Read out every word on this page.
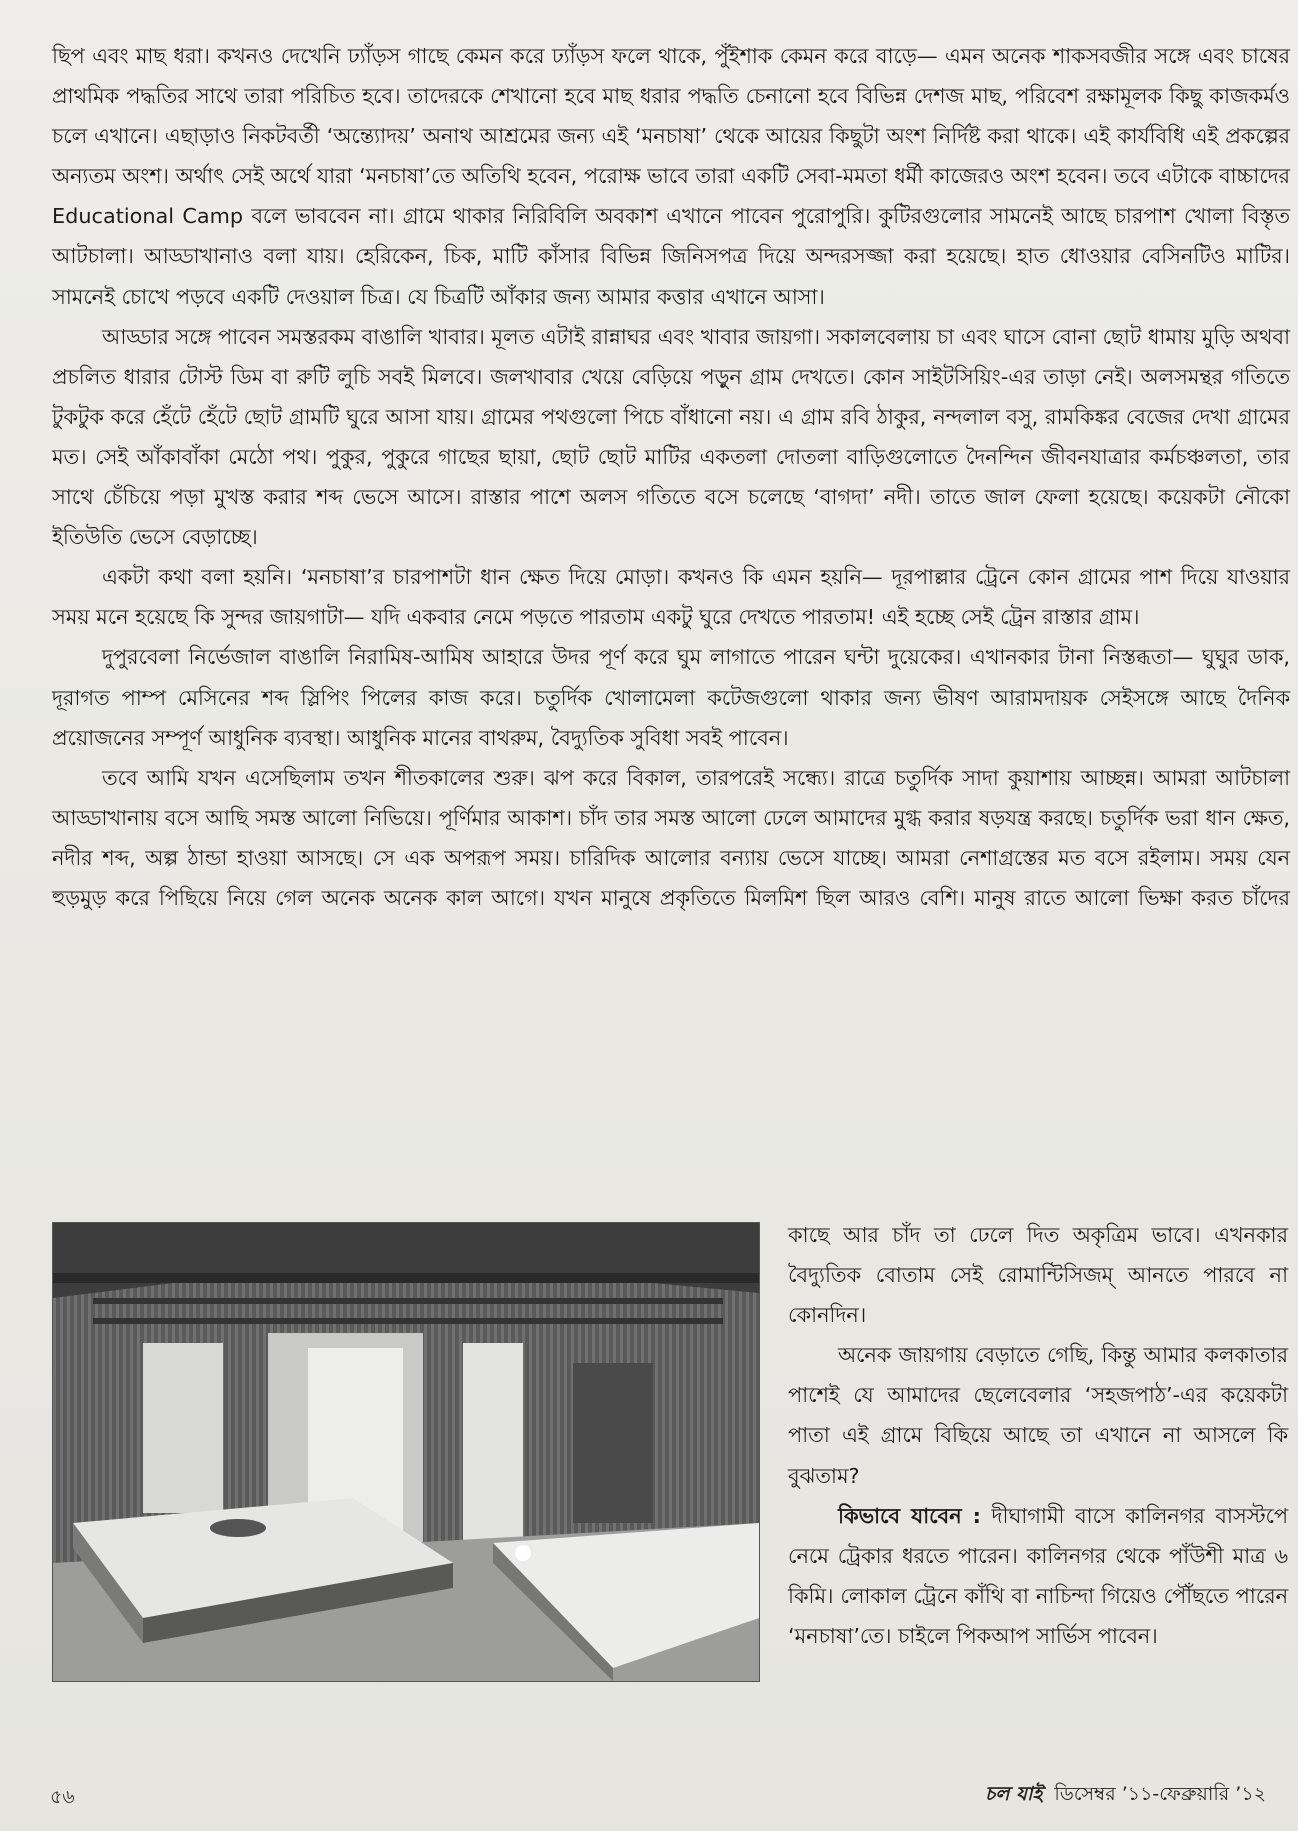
ছিপ এবং মাছ ধরা। কখনও দেখেনি ঢ্যাঁড়স গাছে কেমন করে ঢ্যাঁড়স ফলে থাকে, পুঁইশাক কেমন করে বাড়ে— এমন অনেক শাকসবজীর সঙ্গে এবং চাষের প্রাথমিক পদ্ধতির সাথে তারা পরিচিত হবে। তাদেরকে শেখানো হবে মাছ ধরার পদ্ধতি চেনানো হবে বিভিন্ন দেশজ মাছ, পরিবেশ রক্ষামূলক কিছু কাজকর্মও চলে এখানে। এছাড়াও নিকটবর্তী ‘অন্ত্যোদয়’ অনাথ আশ্রমের জন্য এই ‘মনচাষা’ থেকে আয়ের কিছুটা অংশ নির্দিষ্ট করা থাকে। এই কার্যবিধি এই প্রকল্পের অন্যতম অংশ। অর্থাৎ সেই অর্থে যারা ‘মনচাষা’তে অতিথি হবেন, পরোক্ষ ভাবে তারা একটি সেবা-মমতা ধর্মী কাজেরও অংশ হবেন। তবে এটাকে বাচ্চাদের Educational Camp বলে ভাববেন না। গ্রামে থাকার নিরিবিলি অবকাশ এখানে পাবেন পুরোপুরি। কুটিরগুলোর সামনেই আছে চারপাশ খোলা বিস্তৃত আটচালা। আড্ডাখানাও বলা যায়। হেরিকেন, চিক, মাটি কাঁসার বিভিন্ন জিনিসপত্র দিয়ে অন্দরসজ্জা করা হয়েছে। হাত ধোওয়ার বেসিনটিও মাটির। সামনেই চোখে পড়বে একটি দেওয়াল চিত্র। যে চিত্রটি আঁকার জন্য আমার কত্তার এখানে আসা।

আড্ডার সঙ্গে পাবেন সমস্তরকম বাঙালি খাবার। মূলত এটাই রান্নাঘর এবং খাবার জায়গা। সকালবেলায় চা এবং ঘাসে বোনা ছোট ধামায় মুড়ি অথবা প্রচলিত ধারার টোস্ট ডিম বা রুটি লুচি সবই মিলবে। জলখাবার খেয়ে বেড়িয়ে পড়ুন গ্রাম দেখতে। কোন সাইটসিয়িং-এর তাড়া নেই। অলসমন্থর গতিতে টুকটুক করে হেঁটে হেঁটে ছোট গ্রামটি ঘুরে আসা যায়। গ্রামের পথগুলো পিচে বাঁধানো নয়। এ গ্রাম রবি ঠাকুর, নন্দলাল বসু, রামকিঙ্কর বেজের দেখা গ্রামের মত। সেই আঁকাবাঁকা মেঠো পথ। পুকুর, পুকুরে গাছের ছায়া, ছোট ছোট মাটির একতলা দোতলা বাড়িগুলোতে দৈনন্দিন জীবনযাত্রার কর্মচঞ্চলতা, তার সাথে চেঁচিয়ে পড়া মুখস্ত করার শব্দ ভেসে আসে। রাস্তার পাশে অলস গতিতে বসে চলেছে ‘বাগদা’ নদী। তাতে জাল ফেলা হয়েছে। কয়েকটা নৌকো ইতিউতি ভেসে বেড়াচ্ছে।

একটা কথা বলা হয়নি। ‘মনচাষা’র চারপাশটা ধান ক্ষেত দিয়ে মোড়া। কখনও কি এমন হয়নি— দূরপাল্লার ট্রেনে কোন গ্রামের পাশ দিয়ে যাওয়ার সময় মনে হয়েছে কি সুন্দর জায়গাটা— যদি একবার নেমে পড়তে পারতাম একটু ঘুরে দেখতে পারতাম! এই হচ্ছে সেই ট্রেন রাস্তার গ্রাম।

দুপুরবেলা নির্ভেজাল বাঙালি নিরামিষ-আমিষ আহারে উদর পূর্ণ করে ঘুম লাগাতে পারেন ঘন্টা দুয়েকের। এখানকার টানা নিস্তব্ধতা— ঘুঘুর ডাক, দূরাগত পাম্প মেসিনের শব্দ স্লিপিং পিলের কাজ করে। চতুর্দিক খোলামেলা কটেজগুলো থাকার জন্য ভীষণ আরামদায়ক সেইসঙ্গে আছে দৈনিক প্রয়োজনের সম্পূর্ণ আধুনিক ব্যবস্থা। আধুনিক মানের বাথরুম, বৈদ্যুতিক সুবিধা সবই পাবেন।

তবে আমি যখন এসেছিলাম তখন শীতকালের শুরু। ঝপ করে বিকাল, তারপরেই সন্ধ্যে। রাত্রে চতুর্দিক সাদা কুয়াশায় আচ্ছন্ন। আমরা আটচালা আড্ডাখানায় বসে আছি সমস্ত আলো নিভিয়ে। পূর্ণিমার আকাশ। চাঁদ তার সমস্ত আলো ঢেলে আমাদের মুগ্ধ করার ষড়যন্ত্র করছে। চতুর্দিক ভরা ধান ক্ষেত, নদীর শব্দ, অল্প ঠান্ডা হাওয়া আসছে। সে এক অপরূপ সময়। চারিদিক আলোর বন্যায় ভেসে যাচ্ছে। আমরা নেশাগ্রস্তের মত বসে রইলাম। সময় যেন হুড়মুড় করে পিছিয়ে নিয়ে গেল অনেক অনেক কাল আগে। যখন মানুষে প্রকৃতিতে মিলমিশ ছিল আরও বেশি। মানুষ রাতে আলো ভিক্ষা করত চাঁদের

কাছে আর চাঁদ তা ঢেলে দিত অকৃত্রিম ভাবে। এখনকার বৈদ্যুতিক বোতাম সেই রোমান্টিসিজম্ আনতে পারবে না কোনদিন।

অনেক জায়গায় বেড়াতে গেছি, কিন্তু আমার কলকাতার পাশেই যে আমাদের ছেলেবেলার ‘সহজপাঠ’-এর কয়েকটা পাতা এই গ্রামে বিছিয়ে আছে তা এখানে না আসলে কি বুঝতাম?

কিভাবে যাবেন : দীঘাগামী বাসে কালিনগর বাসস্টপে নেমে ট্রেকার ধরতে পারেন। কালিনগর থেকে পাঁউশী মাত্র ৬ কিমি। লোকাল ট্রেনে কাঁথি বা নাচিন্দা গিয়েও পৌঁছতে পারেন ‘মনচাষা’তে। চাইলে পিকআপ সার্ভিস পাবেন।

৫৬	চল যাই ডিসেম্বর ’১১-ফেব্রুয়ারি ’১২
